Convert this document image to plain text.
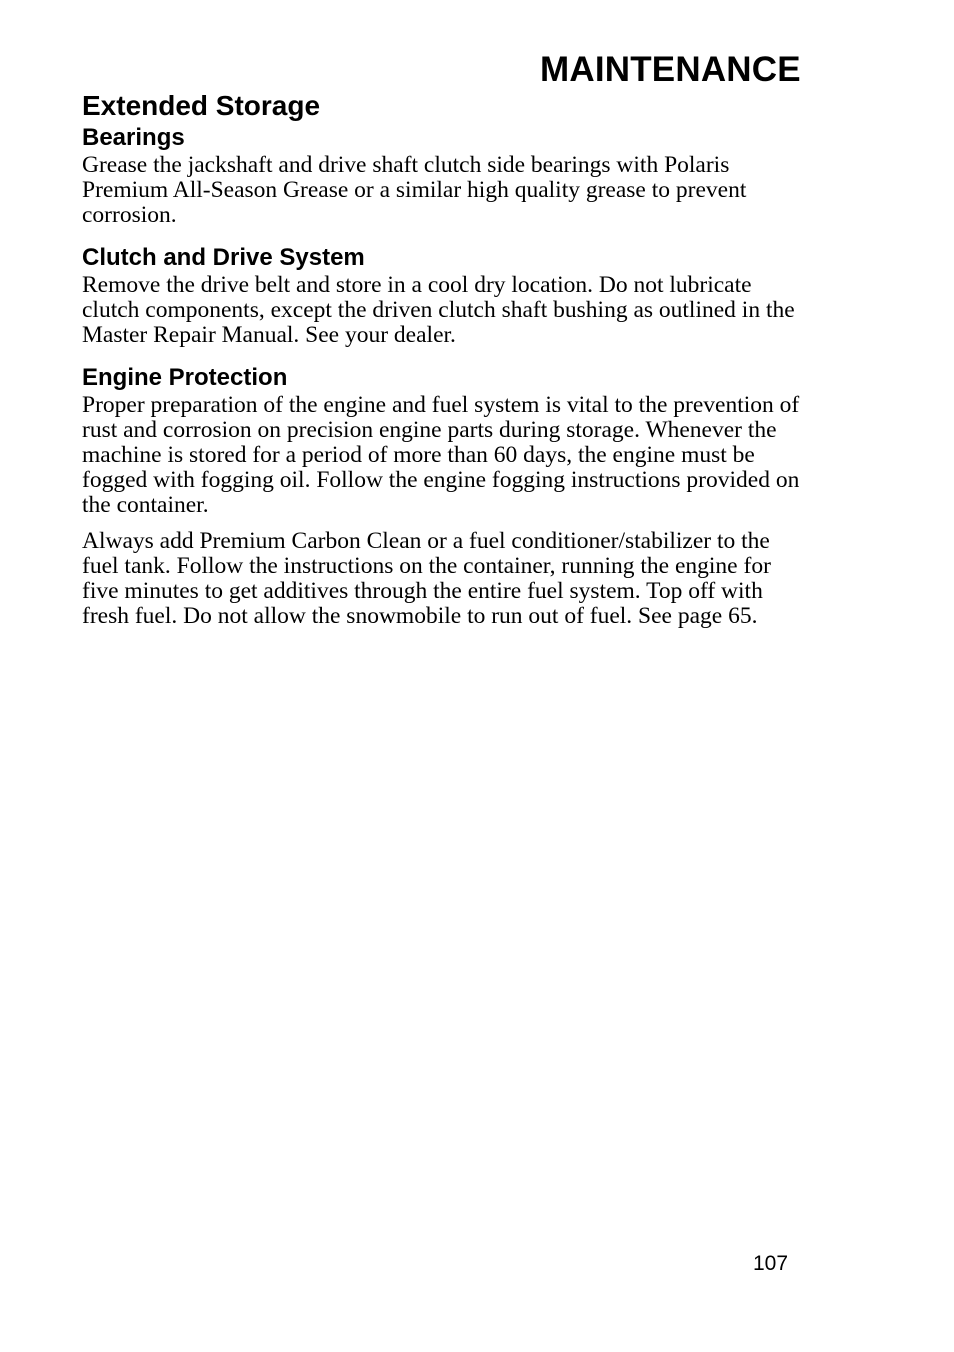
MAINTENANCE
Extended Storage
Bearings

Grease the jackshaft and drive shaft clutch side bearings with Polaris Premium All-Season Grease or a similar high quality grease to prevent corrosion.

Clutch and Drive System

Remove the drive belt and store in a cool dry location. Do not lubricate clutch components, except the driven clutch shaft bushing as outlined in the Master Repair Manual. See your dealer.

Engine Protection

Proper preparation of the engine and fuel system is vital to the prevention of rust and corrosion on precision engine parts during storage. Whenever the machine is stored for a period of more than 60 days, the engine must be fogged with fogging oil. Follow the engine fogging instructions provided on the container.

Always add Premium Carbon Clean or a fuel conditioner/stabilizer to the fuel tank. Follow the instructions on the container, running the engine for five minutes to get additives through the entire fuel system. Top off with fresh fuel. Do not allow the snowmobile to run out of fuel. See page 65.

107
